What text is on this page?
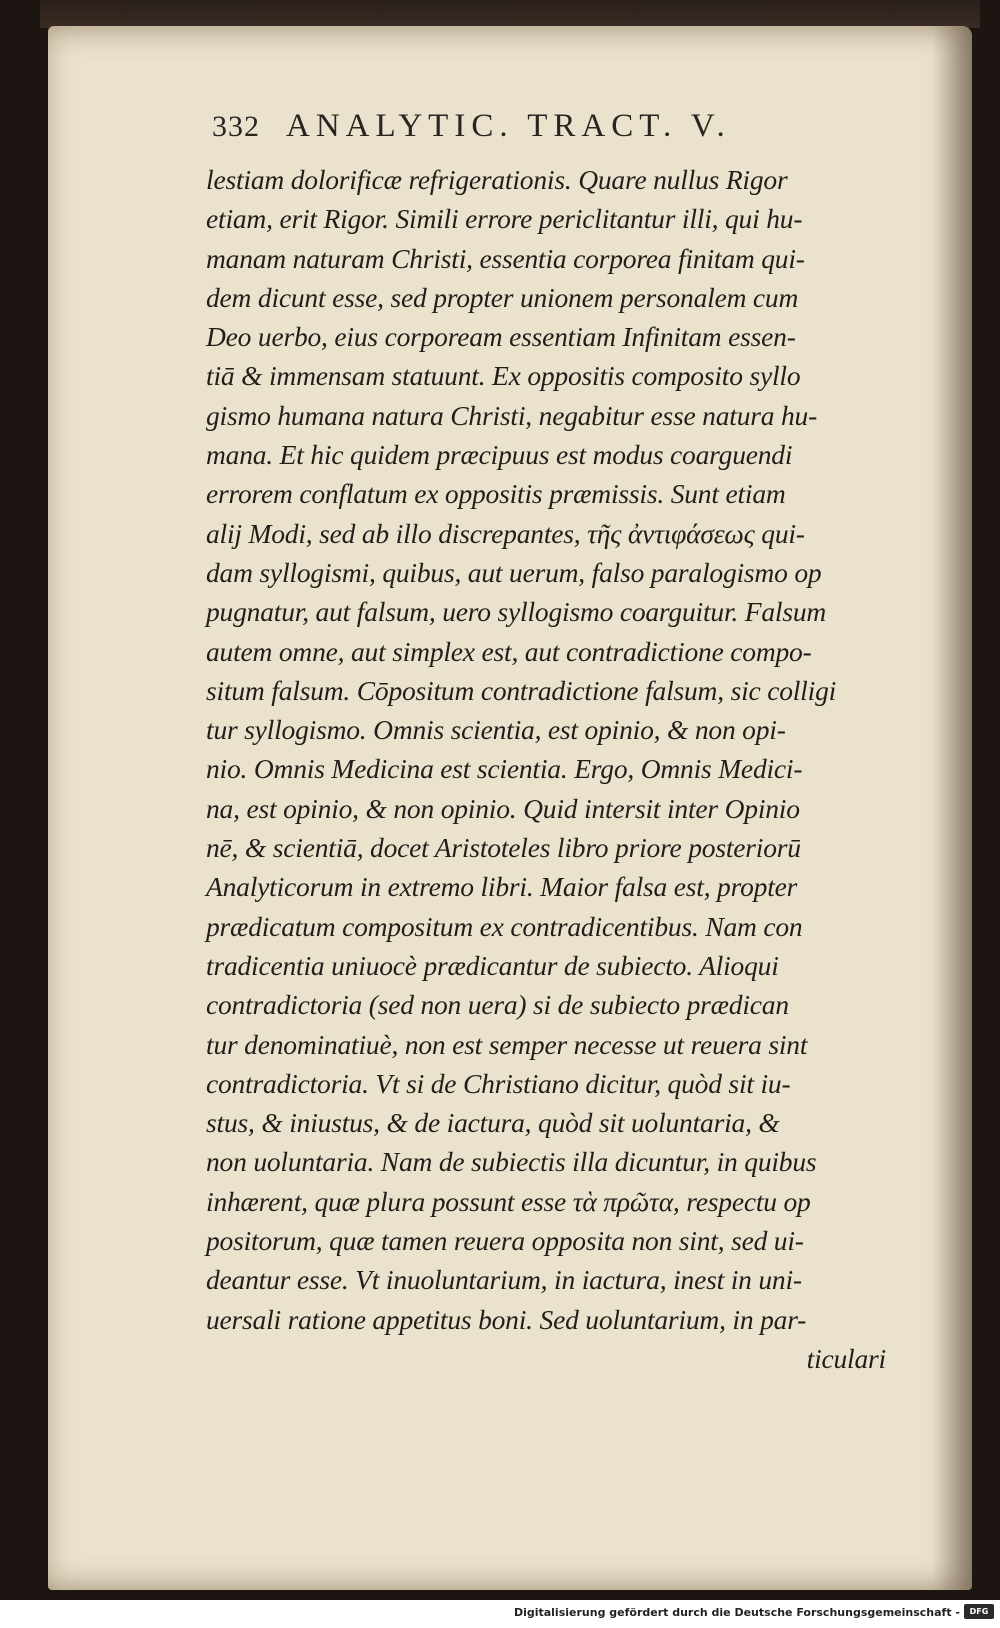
332 ANALYTIC. TRACT. V.
lestiam dolorificæ refrigerationis. Quare nullus Rigor
etiam, erit Rigor. Simili errore periclitantur illi, qui hu-
manam naturam Christi, essentia corporea finitam qui-
dem dicunt esse, sed propter unionem personalem cum
Deo uerbo, eius corpoream essentiam Infinitam essen-
tiā & immensam statuunt. Ex oppositis composito syllo
gismo humana natura Christi, negabitur esse natura hu-
mana. Et hic quidem præcipuus est modus coarguendi
errorem conflatum ex oppositis præmissis. Sunt etiam
alij Modi, sed ab illo discrepantes, τῆς ἀντιφάσεως qui-
dam syllogismi, quibus, aut uerum, falso paralogismo op
pugnatur, aut falsum, uero syllogismo coarguitur. Falsum
autem omne, aut simplex est, aut contradictione compo-
situm falsum. Cōpositum contradictione falsum, sic colligi
tur syllogismo. Omnis scientia, est opinio, & non opi-
nio. Omnis Medicina est scientia. Ergo, Omnis Medici-
na, est opinio, & non opinio. Quid intersit inter Opinio
nē, & scientiā, docet Aristoteles libro priore posteriorū
Analyticorum in extremo libri. Maior falsa est, propter
prædicatum compositum ex contradicentibus. Nam con
tradicentia uniuocè prædicantur de subiecto. Alioqui
contradictoria (sed non uera) si de subiecto prædican
tur denominatiuè, non est semper necesse ut reuera sint
contradictoria. Vt si de Christiano dicitur, quòd sit iu-
stus, & iniustus, & de iactura, quòd sit uoluntaria, &
non uoluntaria. Nam de subiectis illa dicuntur, in quibus
inhærent, quæ plura possunt esse τὰ πρῶτα, respectu op
positorum, quæ tamen reuera opposita non sint, sed ui-
deantur esse. Vt inuoluntarium, in iactura, inest in uni-
uersali ratione appetitus boni. Sed uoluntarium, in par-
ticulari
Digitalisierung gefördert durch die Deutsche Forschungsgemeinschaft -	DFG
